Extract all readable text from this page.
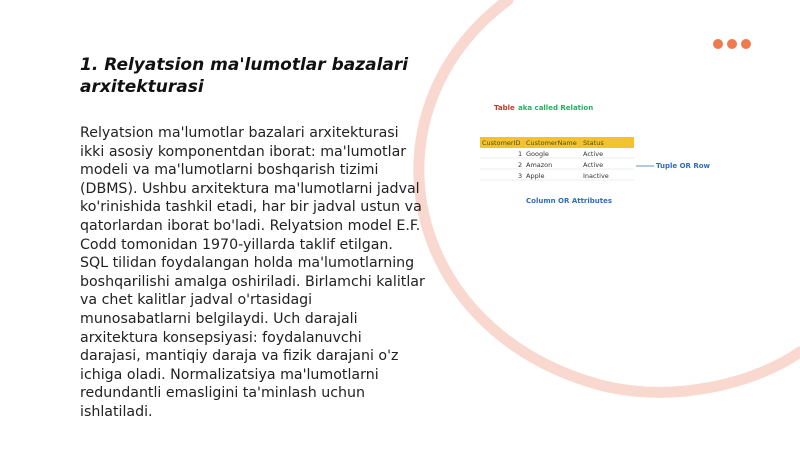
1. Relyatsion ma'lumotlar bazalari arxitekturasi

Relyatsion ma'lumotlar bazalari arxitekturasi ikki asosiy komponentdan iborat: ma'lumotlar modeli va ma'lumotlarni boshqarish tizimi (DBMS). Ushbu arxitektura ma'lumotlarni jadval ko'rinishida tashkil etadi, har bir jadval ustun va qatorlardan iborat bo'ladi. Relyatsion model E.F. Codd tomonidan 1970-yillarda taklif etilgan. SQL tilidan foydalangan holda ma'lumotlarning boshqarilishi amalga oshiriladi. Birlamchi kalitlar va chet kalitlar jadval o'rtasidagi munosabatlarni belgilaydi. Uch darajali arxitektura konsepsiyasi: foydalanuvchi darajasi, mantiqiy daraja va fizik darajani o'z ichiga oladi. Normalizatsiya ma'lumotlarni redundantli emasligini ta'minlash uchun ishlatiladi.

Table aka called Relation
CustomerID CustomerName Status
1 Google	Active
2 Amazon	Active
3 Apple	Inactive
Tuple OR Row
Column OR Attributes
